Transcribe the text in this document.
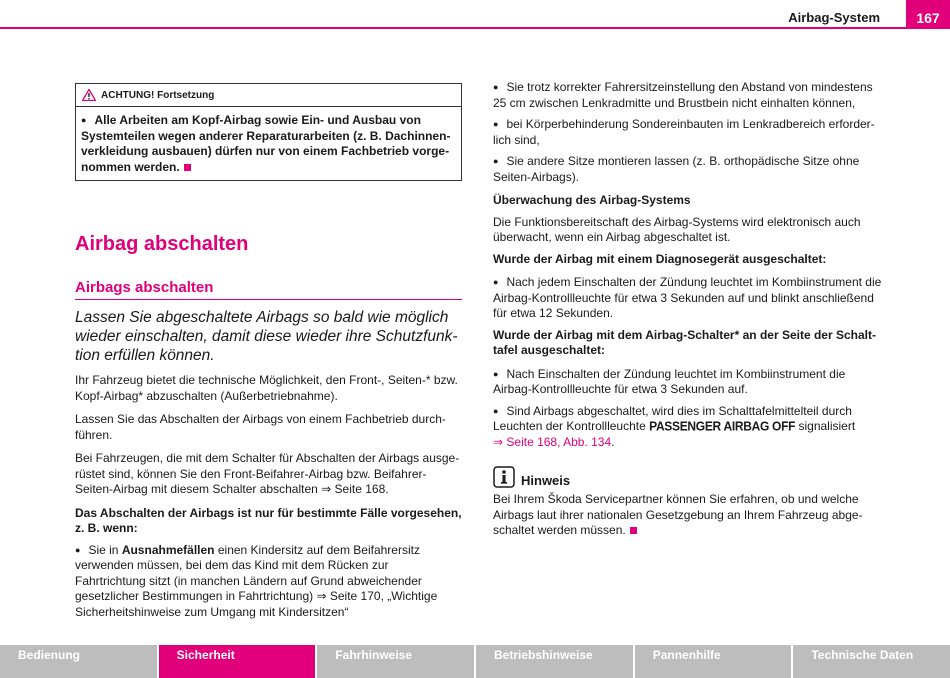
Airbag-System	167
ACHTUNG! Fortsetzung
● Alle Arbeiten am Kopf-Airbag sowie Ein- und Ausbau von Systemteilen wegen anderer Reparaturarbeiten (z. B. Dachinnenverkleidung ausbauen) dürfen nur von einem Fachbetrieb vorgenommen werden.
Airbag abschalten
Airbags abschalten
Lassen Sie abgeschaltete Airbags so bald wie möglich wieder einschalten, damit diese wieder ihre Schutzfunktion erfüllen können.

Ihr Fahrzeug bietet die technische Möglichkeit, den Front-, Seiten-* bzw. Kopf-Airbag* abzuschalten (Außerbetriebnahme).

Lassen Sie das Abschalten der Airbags von einem Fachbetrieb durchführen.

Bei Fahrzeugen, die mit dem Schalter für Abschalten der Airbags ausgerüstet sind, können Sie den Front-Beifahrer-Airbag bzw. Beifahrer-Seiten-Airbag mit diesem Schalter abschalten ⇒ Seite 168.

Das Abschalten der Airbags ist nur für bestimmte Fälle vorgesehen, z. B. wenn:

● Sie in Ausnahmefällen einen Kindersitz auf dem Beifahrersitz verwenden müssen, bei dem das Kind mit dem Rücken zur Fahrtrichtung sitzt (in manchen Ländern auf Grund abweichender gesetzlicher Bestimmungen in Fahrtrichtung) ⇒ Seite 170, „Wichtige Sicherheitshinweise zum Umgang mit Kindersitzen“

● Sie trotz korrekter Fahrersitzeinstellung den Abstand von mindestens 25 cm zwischen Lenkradmitte und Brustbein nicht einhalten können,

● bei Körperbehinderung Sondereinbauten im Lenkradbereich erforderlich sind,

● Sie andere Sitze montieren lassen (z. B. orthopädische Sitze ohne Seiten-Airbags).

Überwachung des Airbag-Systems

Die Funktionsbereitschaft des Airbag-Systems wird elektronisch auch überwacht, wenn ein Airbag abgeschaltet ist.

Wurde der Airbag mit einem Diagnosegerät ausgeschaltet:

● Nach jedem Einschalten der Zündung leuchtet im Kombiinstrument die Airbag-Kontrollleuchte für etwa 3 Sekunden auf und blinkt anschließend für etwa 12 Sekunden.

Wurde der Airbag mit dem Airbag-Schalter* an der Seite der Schalttafel ausgeschaltet:

● Nach Einschalten der Zündung leuchtet im Kombiinstrument die Airbag-Kontrollleuchte für etwa 3 Sekunden auf.

● Sind Airbags abgeschaltet, wird dies im Schalttafelmittelteil durch Leuchten der Kontrollleuchte PASSENGER AIRBAG OFF signalisiert
⇒ Seite 168, Abb. 134.

Hinweis

Bei Ihrem Škoda Servicepartner können Sie erfahren, ob und welche Airbags laut ihrer nationalen Gesetzgebung an Ihrem Fahrzeug abgeschaltet werden müssen.

Bedienung	Sicherheit	Fahrhinweise	Betriebshinweise	Pannenhilfe	Technische Daten
